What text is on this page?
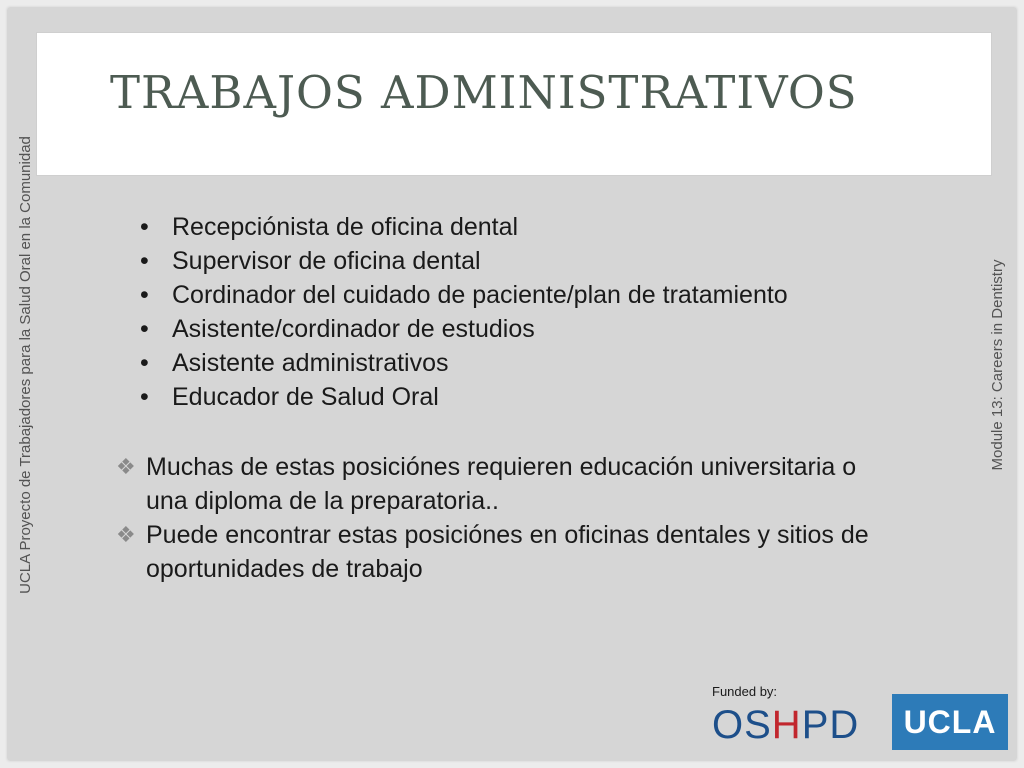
TRABAJOS ADMINISTRATIVOS
UCLA Proyecto de Trabajadores para la Salud Oral en la Comunidad	Module 13: Careers in Dentistry
• Recepciónista de oficina dental
• Supervisor de oficina dental
• Cordinador del cuidado de paciente/plan de tratamiento
• Asistente/cordinador de estudios
• Asistente administrativos
• Educador de Salud Oral
❖ Muchas de estas posiciónes requieren educación universitaria o una diploma de la preparatoria..
❖ Puede encontrar estas posiciónes en oficinas dentales y sitios de oportunidades de trabajo
Funded by:
OSHPD	UCLA
